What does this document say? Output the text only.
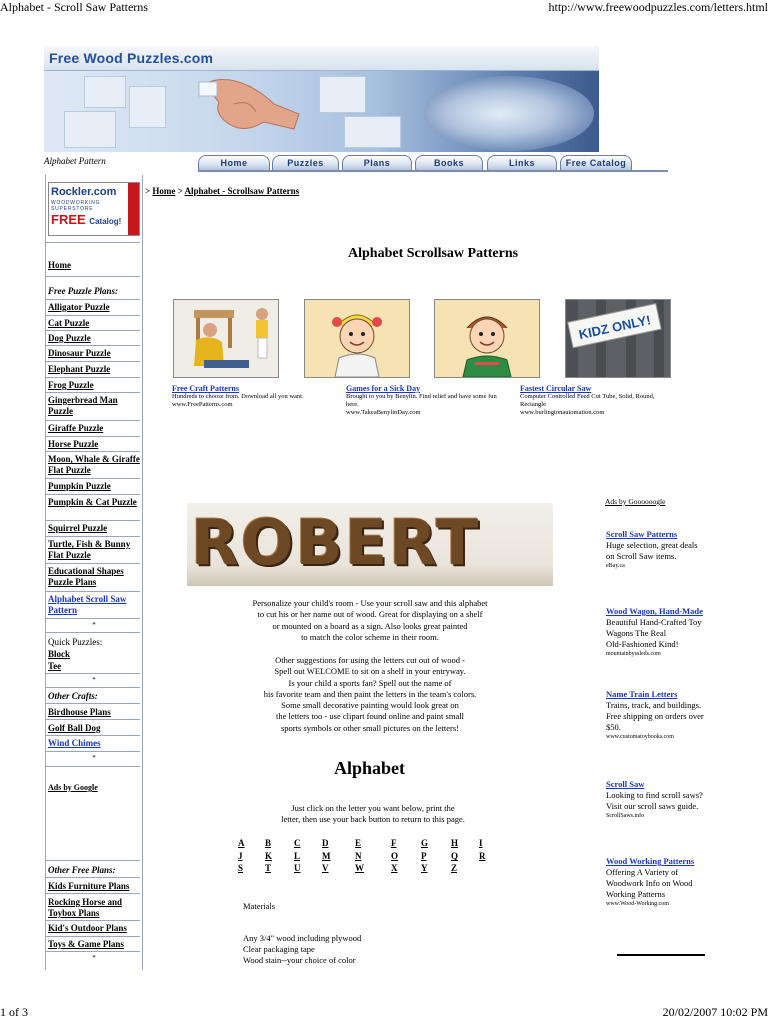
Alphabet - Scroll Saw Patterns	http://www.freewoodpuzzles.com/letters.html
1 of 3	20/02/2007 10:02 PM
Free Wood Puzzles.com
Alphabet Pattern	Home	Puzzles	Plans	Books	Links	Free Catalog
Rockler.com
WOODWORKING SUPERSTORE
FREE Catalog!
Home
Free Puzzle Plans:
Alligator Puzzle
Cat Puzzle
Dog Puzzle
Dinosaur Puzzle
Elephant Puzzle
Frog Puzzle
Gingerbread Man Puzzle
Giraffe Puzzle
Horse Puzzle
Moon, Whale & Giraffe Flat Puzzle
Pumpkin Puzzle
Pumpkin & Cat Puzzle
Squirrel Puzzle
Turtle, Fish & Bunny Flat Puzzle
Educational Shapes Puzzle Plans
Alphabet Scroll Saw Pattern
*
Quick Puzzles:
Block
Tee
*
Other Crafts:
Birdhouse Plans
Golf Ball Dog
Wind Chimes
*
Ads by Google
Other Free Plans:
Kids Furniture Plans
Rocking Horse and Toybox Plans
Kid's Outdoor Plans
Toys & Game Plans
*
> Home > Alphabet - Scrollsaw Patterns
Alphabet Scrollsaw Patterns
KIDZ ONLY!
Free Craft Patterns
Hundreds to choose from. Download all you want.
www.FreePatterns.com
Games for a Sick Day
Brought to you by Benylin. Find relief and have some fun here.
www.TakeaBenylinDay.com
Fastest Circular Saw
Computer Controlled Feed Cut Tube, Solid, Round, Rectangle
www.burlingtonautomation.com
ROBERT
Personalize your child's room - Use your scroll saw and this alphabet
to cut his or her name out of wood. Great for displaying on a shelf
or mounted on a board as a sign. Also looks great painted
to match the color scheme in their room.
Other suggestions for using the letters cut out of wood -
Spell out WELCOME to sit on a shelf in your entryway.
Is your child a sports fan? Spell out the name of
his favorite team and then paint the letters in the team's colors.
Some small decorative painting would look great on
the letters too - use clipart found online and paint small
sports symbols or other small pictures on the letters!
Alphabet
Just click on the letter you want below, print the
letter, then use your back button to return to this page.
A B	C D	E	F	G	H I
J	K L M	N	O	P	Q R
S T	U V	W	X	Y	Z
Materials
Any 3/4" wood including plywood
Clear packaging tape
Wood stain--your choice of color
Ads by Goooooogle
Scroll Saw Patterns
Huge selection, great deals
on Scroll Saw items.
eBay.ca
Wood Wagon, Hand-Made
Beautiful Hand-Crafted Toy
Wagons The Real
Old-Fashioned Kind!
mountainbyssleds.com
Name Train Letters
Trains, track, and buildings.
Free shipping on orders over
$50.
www.customatoybooks.com
Scroll Saw
Looking to find scroll saws?
Visit our scroll saws guide.
ScrollSaws.info
Wood Working Patterns
Offering A Variety of
Woodwork Info on Wood
Working Patterns
www.Wood-Working.com
